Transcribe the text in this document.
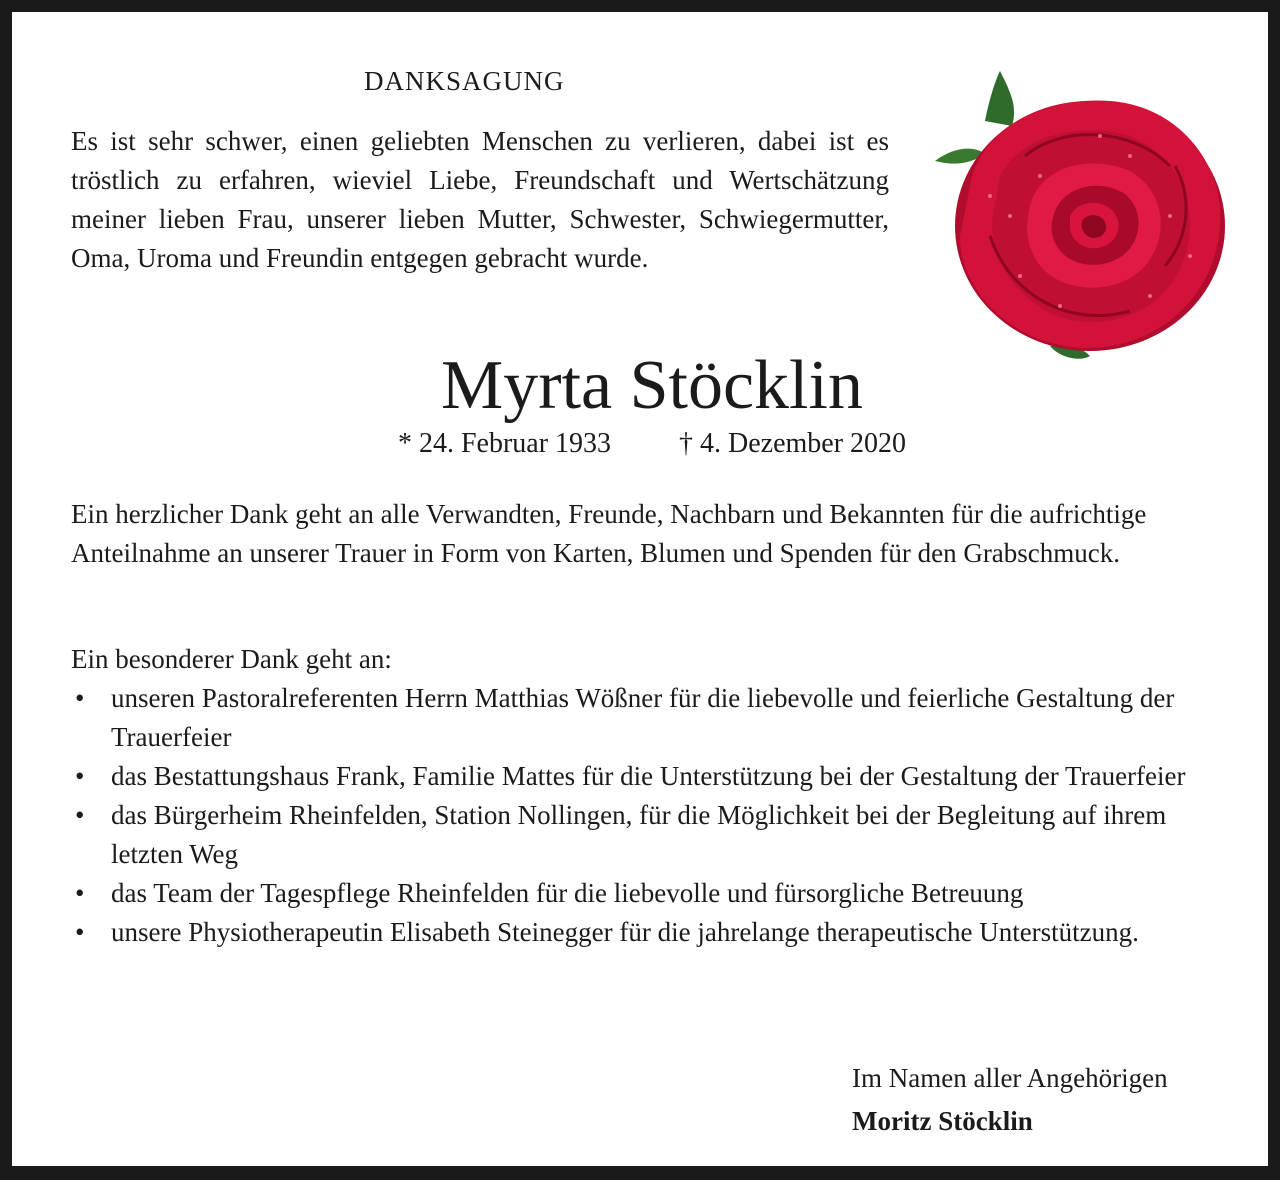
DANKSAGUNG
Es ist sehr schwer, einen geliebten Menschen zu verlieren, dabei ist es tröstlich zu erfahren, wieviel Liebe, Freundschaft und Wertschätzung meiner lieben Frau, unserer lieben Mutter, Schwester, Schwiegermutter, Oma, Uroma und Freundin entgegen gebracht wurde.
Myrta Stöcklin
* 24. Februar 1933 † 4. Dezember 2020
Ein herzlicher Dank geht an alle Verwandten, Freunde, Nachbarn und Bekannten für die aufrichtige Anteilnahme an unserer Trauer in Form von Karten, Blumen und Spenden für den Grabschmuck.
Ein besonderer Dank geht an:
• unseren Pastoralreferenten Herrn Matthias Wößner für die liebevolle und feierliche Gestaltung der Trauerfeier
• das Bestattungshaus Frank, Familie Mattes für die Unterstützung bei der Gestaltung der Trauerfeier
• das Bürgerheim Rheinfelden, Station Nollingen, für die Möglichkeit bei der Begleitung auf ihrem letzten Weg
• das Team der Tagespflege Rheinfelden für die liebevolle und fürsorgliche Betreuung
• unsere Physiotherapeutin Elisabeth Steinegger für die jahrelange therapeutische Unterstützung.
Im Namen aller Angehörigen
Moritz Stöcklin
